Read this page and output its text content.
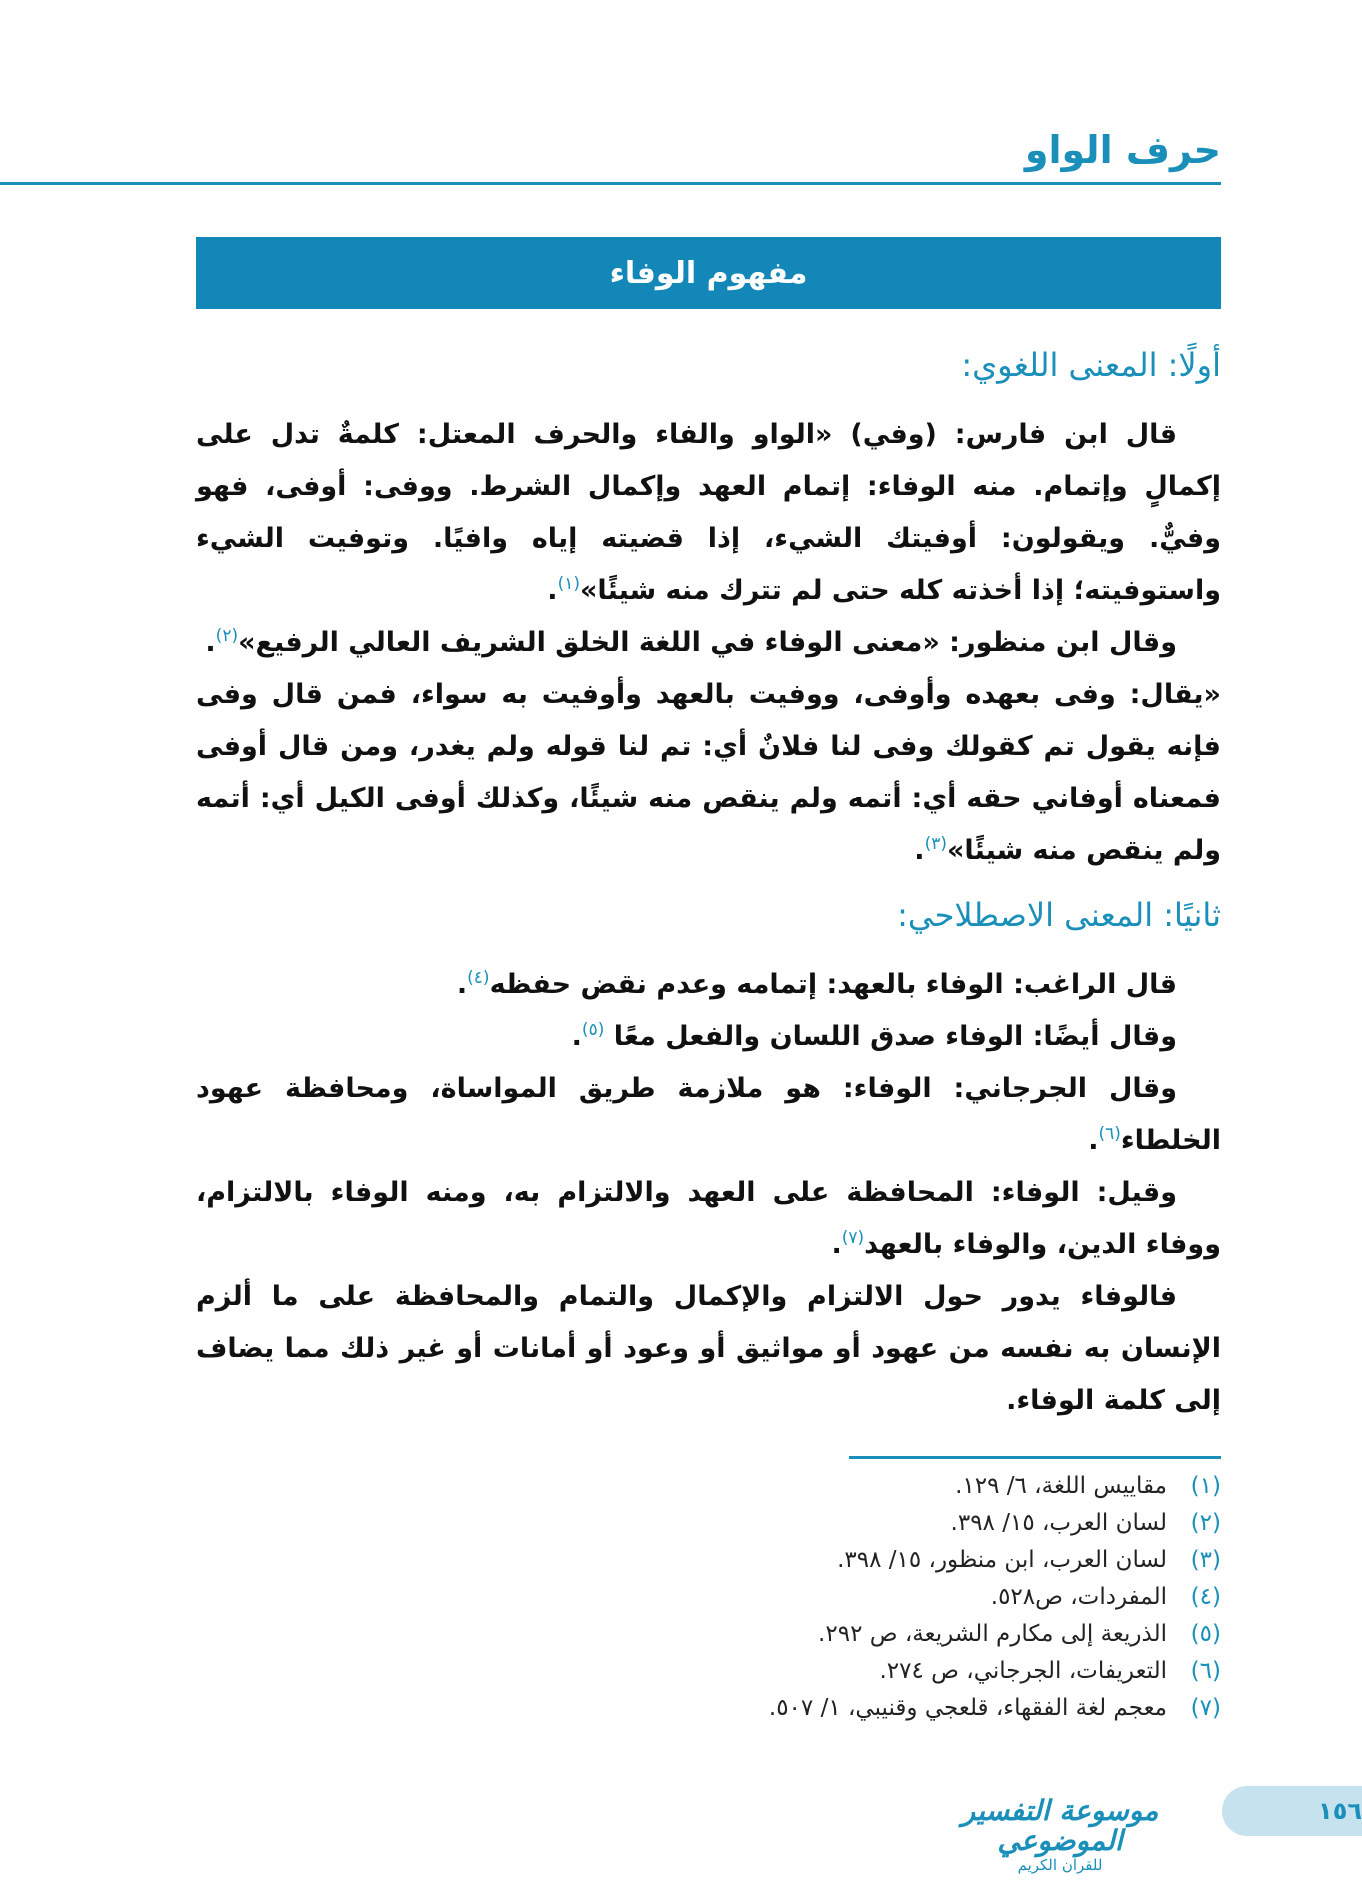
حرف الواو
مفهوم الوفاء
أولًا: المعنى اللغوي:

قال ابن فارس: (وفي) «الواو والفاء والحرف المعتل: كلمةٌ تدل على إكمالٍ وإتمام. منه الوفاء: إتمام العهد وإكمال الشرط. ووفى: أوفى، فهو وفيٌّ. ويقولون: أوفيتك الشيء، إذا قضيته إياه وافيًا. وتوفيت الشيء واستوفيته؛ إذا أخذته كله حتى لم تترك منه شيئًا»$^{(١)}$.

وقال ابن منظور: «معنى الوفاء في اللغة الخلق الشريف العالي الرفيع»$^{(٢)}$.

«يقال: وفى بعهده وأوفى، ووفيت بالعهد وأوفيت به سواء، فمن قال وفى فإنه يقول تم كقولك وفى لنا فلانٌ أي: تم لنا قوله ولم يغدر، ومن قال أوفى فمعناه أوفاني حقه أي: أتمه ولم ينقص منه شيئًا، وكذلك أوفى الكيل أي: أتمه ولم ينقص منه شيئًا»$^{(٣)}$.

ثانيًا: المعنى الاصطلاحي:

قال الراغب: الوفاء بالعهد: إتمامه وعدم نقض حفظه$^{(٤)}$.

وقال أيضًا: الوفاء صدق اللسان والفعل معًا $^{(٥)}$.

وقال الجرجاني: الوفاء: هو ملازمة طريق المواساة، ومحافظة عهود الخلطاء$^{(٦)}$.

وقيل: الوفاء: المحافظة على العهد والالتزام به، ومنه الوفاء بالالتزام، ووفاء الدين، والوفاء بالعهد$^{(٧)}$.

فالوفاء يدور حول الالتزام والإكمال والتمام والمحافظة على ما ألزم الإنسان به نفسه من عهود أو مواثيق أو وعود أو أمانات أو غير ذلك مما يضاف إلى كلمة الوفاء.

(١)
مقاييس اللغة، ٦/ ١٢٩.
(٢)
لسان العرب، ١٥/ ٣٩٨.
(٣)
لسان العرب، ابن منظور، ١٥/ ٣٩٨.
(٤)
المفردات، ص٥٢٨.
(٥)
الذريعة إلى مكارم الشريعة، ص ٢٩٢.
(٦)
التعريفات، الجرجاني، ص ٢٧٤.
(٧)
معجم لغة الفقهاء، قلعجي وقنيبي، ١/ ٥٠٧.
موسوعة التفسير الموضوعي
للقرآن الكريم
١٥٦
